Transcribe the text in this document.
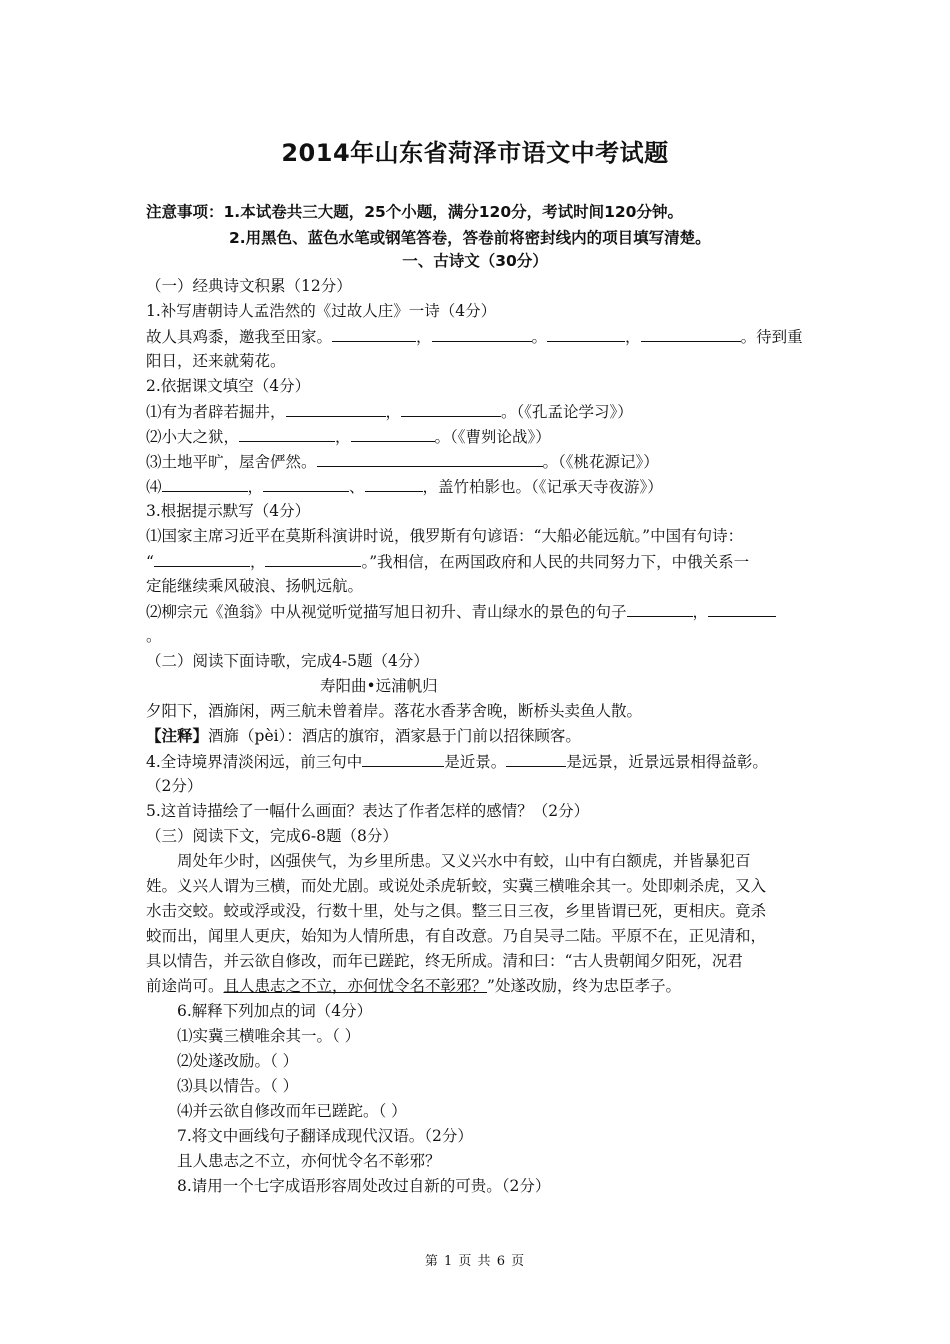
2014年山东省菏泽市语文中考试题
注意事项：1.本试卷共三大题，25个小题，满分120分，考试时间120分钟。
2.用黑色、蓝色水笔或钢笔答卷，答卷前将密封线内的项目填写清楚。
一、古诗文（30分）
（一）经典诗文积累（12分）
1.补写唐朝诗人孟浩然的《过故人庄》一诗（4分）
故人具鸡黍，邀我至田家。	，	。	，	。待到重
阳日，还来就菊花。
2.依据课文填空（4分）
⑴有为者辟若掘井，	，	。（《孔孟论学习》）
⑵小大之狱，	，	。（《曹刿论战》）
⑶土地平旷，屋舍俨然。	。（《桃花源记》）
⑷	，	、	，盖竹柏影也。（《记承天寺夜游》）
3.根据提示默写（4分）
⑴国家主席习近平在莫斯科演讲时说，俄罗斯有句谚语：“大船必能远航。”中国有句诗：
“	，	。”我相信，在两国政府和人民的共同努力下，中俄关系一
定能继续乘风破浪、扬帆远航。
⑵柳宗元《渔翁》中从视觉听觉描写旭日初升、青山绿水的景色的句子	，
。
（二）阅读下面诗歌，完成4-5题（4分）
寿阳曲•远浦帆归
夕阳下，酒旆闲，两三航未曾着岸。落花水香茅舍晚，断桥头卖鱼人散。
【注释】酒旆（pèi）：酒店的旗帘，酒家悬于门前以招徕顾客。
4.全诗境界清淡闲远，前三句中	是近景。	是远景，近景远景相得益彰。
（2分）
5.这首诗描绘了一幅什么画面？表达了作者怎样的感情？（2分）
（三）阅读下文，完成6-8题（8分）
周处年少时，凶强侠气，为乡里所患。又义兴水中有蛟，山中有白额虎，并皆暴犯百
姓。义兴人谓为三横，而处尤剧。或说处杀虎斩蛟，实冀三横唯余其一。处即刺杀虎，又入
水击交蛟。蛟或浮或没，行数十里，处与之俱。整三日三夜，乡里皆谓已死，更相庆。竟杀
蛟而出，闻里人更庆，始知为人情所患，有自改意。乃自吴寻二陆。平原不在，正见清和，
具以情告，并云欲自修改，而年已蹉跎，终无所成。清和曰：“古人贵朝闻夕阳死，况君
前途尚可。且人患志之不立，亦何忧令名不彰邪？”处遂改励，终为忠臣孝子。
6.解释下列加点的词（4分）
⑴实冀三横唯余其一。（ ）
⑵处遂改励。（ ）
⑶具以情告。（ ）
⑷并云欲自修改而年已蹉跎。（ ）
7.将文中画线句子翻译成现代汉语。（2分）
且人患志之不立，亦何忧令名不彰邪？
8.请用一个七字成语形容周处改过自新的可贵。（2分）
第 1 页 共 6 页
